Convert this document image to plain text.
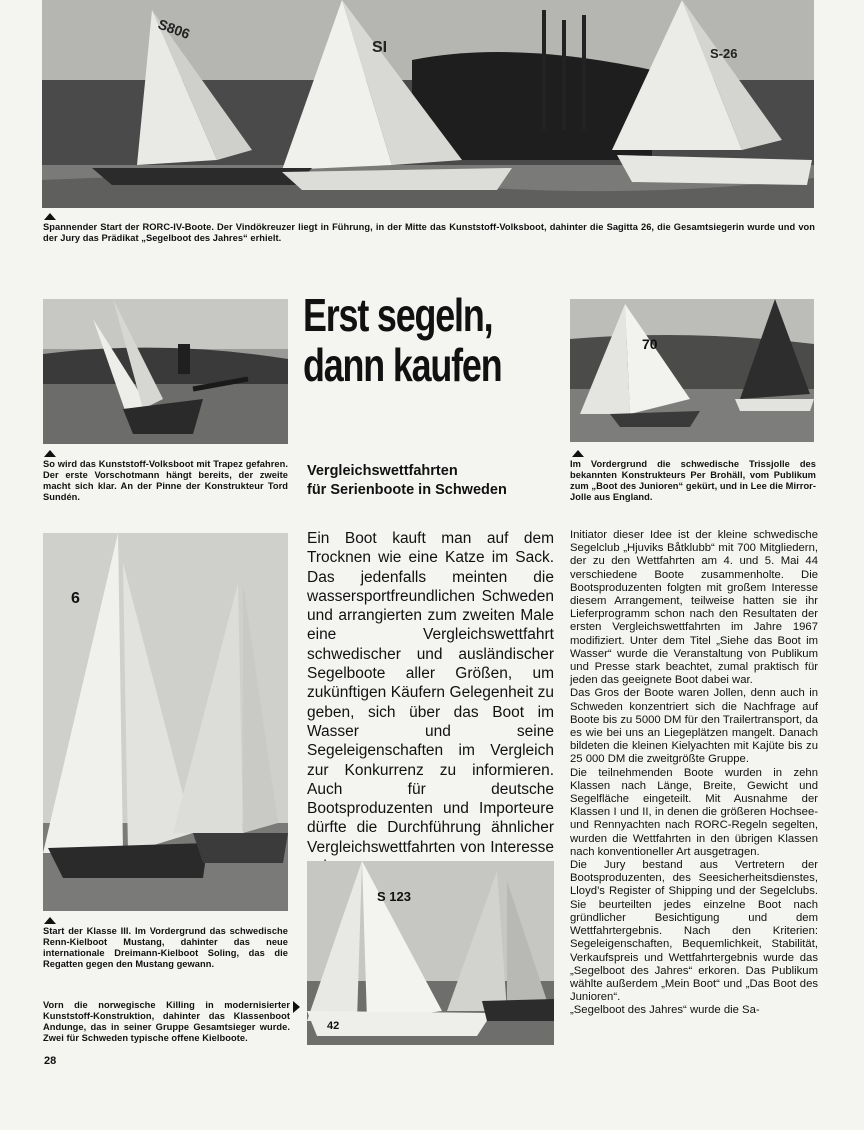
S806
SI	S-26
Spannender Start der RORC-IV-Boote. Der Vindökreuzer liegt in Führung, in der Mitte das Kunststoff-Volksboot, dahinter die Sagitta 26, die Gesamtsiegerin wurde und von der Jury das Prädikat „Segelboot des Jahres“ erhielt.
So wird das Kunststoff-Volksboot mit Trapez gefahren. Der erste Vorschotmann hängt bereits, der zweite macht sich klar. An der Pinne der Konstrukteur Tord Sundén.
Erst segeln,
dann kaufen
Vergleichswettfahrten
für Serienboote in Schweden
70
Im Vordergrund die schwedische Trissjolle des bekannten Konstrukteurs Per Brohäll, vom Publikum zum „Boot des Junioren“ gekürt, und in Lee die Mirror-Jolle aus England.
6
Start der Klasse III. Im Vordergrund das schwedische Renn-Kielboot Mustang, dahinter das neue internationale Dreimann-Kielboot Soling, das die Regatten gegen den Mustang gewann.
Vorn die norwegische Killing in modernisierter Kunststoff-Konstruktion, dahinter das Klassenboot Andunge, das in seiner Gruppe Gesamtsieger wurde. Zwei für Schweden typische offene Kielboote.
Ein Boot kauft man auf dem Trocknen wie eine Katze im Sack. Das jedenfalls meinten die wassersportfreundlichen Schweden und arrangierten zum zweiten Male eine Vergleichswettfahrt schwedischer und ausländischer Segelboote aller Größen, um zukünftigen Käufern Gelegenheit zu geben, sich über das Boot im Wasser und seine Segeleigenschaften im Vergleich zur Konkurrenz zu informieren. Auch für deutsche Bootsproduzenten und Importeure dürfte die Durchführung ähnlicher Vergleichswettfahrten von Interesse
S 123
42

Initiator dieser Idee ist der kleine schwedische Segelclub „Hjuviks Båtklubb“ mit 700 Mitgliedern, der zu den Wettfahrten am 4. und 5. Mai 44 verschiedene Boote zusammenholte. Die Bootsproduzenten folgten mit großem Interesse diesem Arrangement, teilweise hatten sie ihr Lieferprogramm schon nach den Resultaten der ersten Vergleichswettfahrten im Jahre 1967 modifiziert. Unter dem Titel „Siehe das Boot im Wasser“ wurde die Veranstaltung von Publikum und Presse stark beachtet, zumal praktisch für jeden das geeignete Boot dabei war.

Das Gros der Boote waren Jollen, denn auch in Schweden konzentriert sich die Nachfrage auf Boote bis zu 5000 DM für den Trailertransport, da es wie bei uns an Liegeplätzen mangelt. Danach bildeten die kleinen Kielyachten mit Kajüte bis zu 25 000 DM die zweitgrößte Gruppe.

Die teilnehmenden Boote wurden in zehn Klassen nach Länge, Breite, Gewicht und Segelfläche eingeteilt. Mit Ausnahme der Klassen I und II, in denen die größeren Hochsee- und Rennyachten nach RORC-Regeln segelten, wurden die Wettfahrten in den übrigen Klassen nach konventioneller Art ausgetragen.

Die Jury bestand aus Vertretern der Bootsproduzenten, des Seesicherheitsdienstes, Lloyd’s Register of Shipping und der Segelclubs. Sie beurteilten jedes einzelne Boot nach gründlicher Besichtigung und dem Wettfahrtergebnis. Nach den Kriterien: Segeleigenschaften, Bequemlichkeit, Stabilität, Verkaufspreis und Wettfahrtergebnis wurde das „Segelboot des Jahres“ erkoren. Das Publikum wählte außerdem „Mein Boot“ und „Das Boot des Junioren“.

„Segelboot des Jahres“ wurde die Sa-

28
